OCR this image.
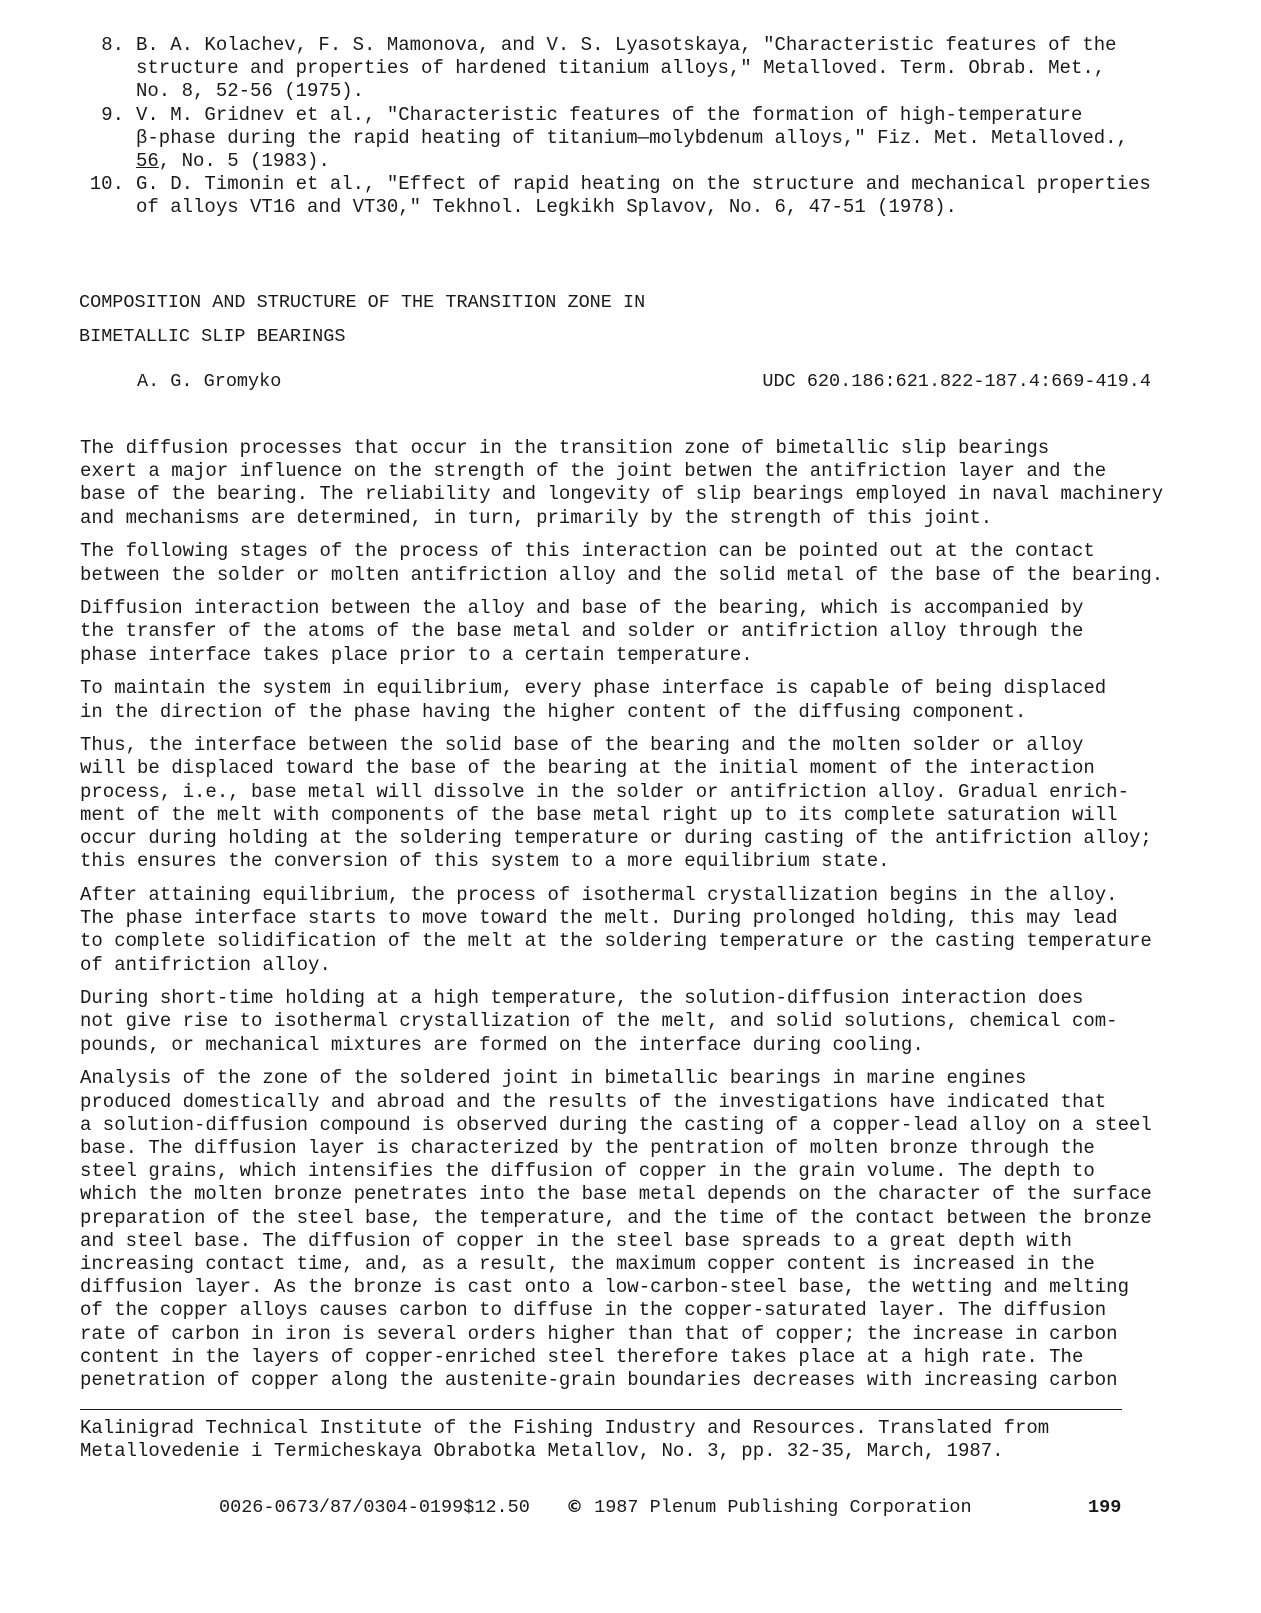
8. B. A. Kolachev, F. S. Mamonova, and V. S. Lyasotskaya, "Characteristic features of the
structure and properties of hardened titanium alloys," Metalloved. Term. Obrab. Met.,
No. 8, 52-56 (1975).
9. V. M. Gridnev et al., "Characteristic features of the formation of high-temperature
β-phase during the rapid heating of titanium—molybdenum alloys," Fiz. Met. Metalloved.,
56, No. 5 (1983).
10. G. D. Timonin et al., "Effect of rapid heating on the structure and mechanical properties
of alloys VT16 and VT30," Tekhnol. Legkikh Splavov, No. 6, 47-51 (1978).
COMPOSITION AND STRUCTURE OF THE TRANSITION ZONE IN
BIMETALLIC SLIP BEARINGS
A. G. Gromyko	UDC 620.186:621.822-187.4:669-419.4

The diffusion processes that occur in the transition zone of bimetallic slip bearings
exert a major influence on the strength of the joint betwen the antifriction layer and the
base of the bearing. The reliability and longevity of slip bearings employed in naval machinery
and mechanisms are determined, in turn, primarily by the strength of this joint.

The following stages of the process of this interaction can be pointed out at the contact
between the solder or molten antifriction alloy and the solid metal of the base of the bearing.

Diffusion interaction between the alloy and base of the bearing, which is accompanied by
the transfer of the atoms of the base metal and solder or antifriction alloy through the
phase interface takes place prior to a certain temperature.

To maintain the system in equilibrium, every phase interface is capable of being displaced
in the direction of the phase having the higher content of the diffusing component.

Thus, the interface between the solid base of the bearing and the molten solder or alloy
will be displaced toward the base of the bearing at the initial moment of the interaction
process, i.e., base metal will dissolve in the solder or antifriction alloy. Gradual enrich-
ment of the melt with components of the base metal right up to its complete saturation will
occur during holding at the soldering temperature or during casting of the antifriction alloy;
this ensures the conversion of this system to a more equilibrium state.

After attaining equilibrium, the process of isothermal crystallization begins in the alloy.
The phase interface starts to move toward the melt. During prolonged holding, this may lead
to complete solidification of the melt at the soldering temperature or the casting temperature
of antifriction alloy.

During short-time holding at a high temperature, the solution-diffusion interaction does
not give rise to isothermal crystallization of the melt, and solid solutions, chemical com-
pounds, or mechanical mixtures are formed on the interface during cooling.

Analysis of the zone of the soldered joint in bimetallic bearings in marine engines
produced domestically and abroad and the results of the investigations have indicated that
a solution-diffusion compound is observed during the casting of a copper-lead alloy on a steel
base. The diffusion layer is characterized by the pentration of molten bronze through the
steel grains, which intensifies the diffusion of copper in the grain volume. The depth to
which the molten bronze penetrates into the base metal depends on the character of the surface
preparation of the steel base, the temperature, and the time of the contact between the bronze
and steel base. The diffusion of copper in the steel base spreads to a great depth with
increasing contact time, and, as a result, the maximum copper content is increased in the
diffusion layer. As the bronze is cast onto a low-carbon-steel base, the wetting and melting
of the copper alloys causes carbon to diffuse in the copper-saturated layer. The diffusion
rate of carbon in iron is several orders higher than that of copper; the increase in carbon
content in the layers of copper-enriched steel therefore takes place at a high rate. The
penetration of copper along the austenite-grain boundaries decreases with increasing carbon

Kalinigrad Technical Institute of the Fishing Industry and Resources. Translated from
Metallovedenie i Termicheskaya Obrabotka Metallov, No. 3, pp. 32-35, March, 1987.
0026-0673/87/0304-0199$12.50 © 1987 Plenum Publishing Corporation	199
